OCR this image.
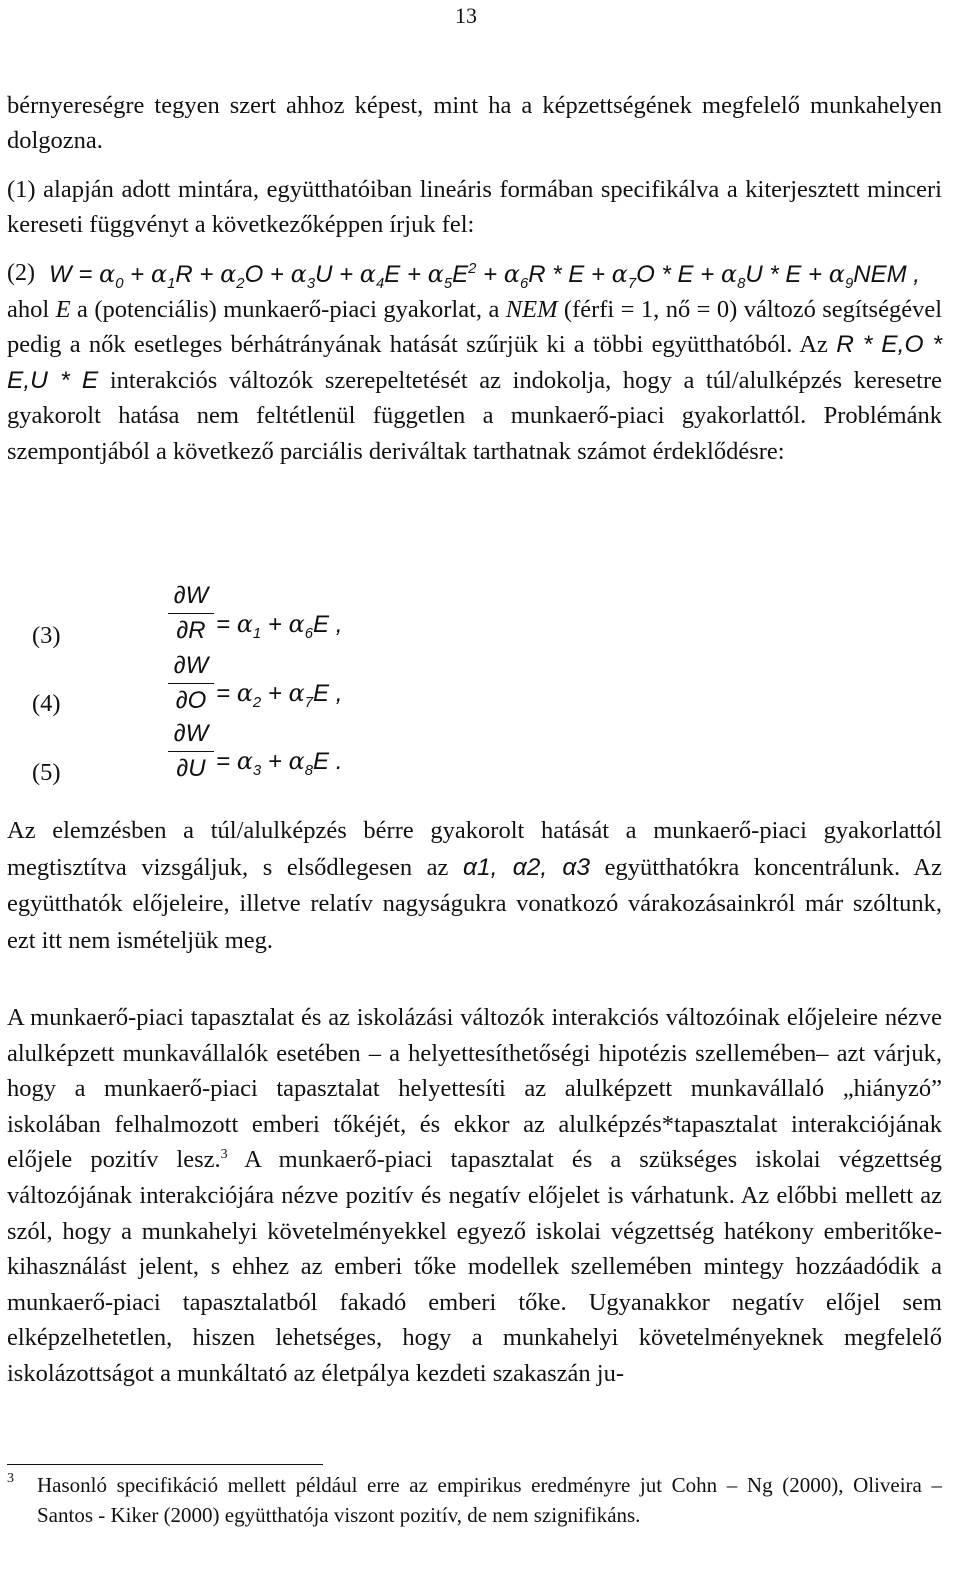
13
bérnyereségre tegyen szert ahhoz képest, mint ha a képzettségének megfelelő munkahelyen dolgozna.
(1) alapján adott mintára, együtthatóiban lineáris formában specifikálva a kiterjesztett minceri kereseti függvényt a következőképpen írjuk fel:
(2) $W = \alpha_0 + \alpha_1R + \alpha_2O + \alpha_3U + \alpha_4E + \alpha_5E^2 + \alpha_6R * E + \alpha_7O * E + \alpha_8U * E + \alpha_9NEM$ ,
ahol E a (potenciális) munkaerő-piaci gyakorlat, a NEM (férfi = 1, nő = 0) változó segítségével pedig a nők esetleges bérhátrányának hatását szűrjük ki a többi együtthatóból. Az R * E,O * E,U * E interakciós változók szerepeltetését az indokolja, hogy a túl/alulképzés keresetre gyakorolt hatása nem feltétlenül független a munkaerő-piaci gyakorlattól. Problémánk szempontjából a következő parciális deriváltak tarthatnak számot érdeklődésre:
(3)
∂W
$\partial R = \alpha_1 + \alpha_6E$ ,
(4)
∂W
$\partial O = \alpha_2 + \alpha_7E$ ,
(5)
∂W
$\partial U = \alpha_3 + \alpha_8E$ .
Az elemzésben a túl/alulképzés bérre gyakorolt hatását a munkaerő-piaci gyakorlattól megtisztítva vizsgáljuk, s elsődlegesen az α1, α2, α3 együtthatókra koncentrálunk. Az együtthatók előjeleire, illetve relatív nagyságukra vonatkozó várakozásainkról már szóltunk, ezt itt nem ismételjük meg.
A munkaerő-piaci tapasztalat és az iskolázási változók interakciós változóinak előjeleire nézve alulképzett munkavállalók esetében – a helyettesíthetőségi hipotézis szellemében– azt várjuk, hogy a munkaerő-piaci tapasztalat helyettesíti az alulképzett munkavállaló „hiányzó” iskolában felhalmozott emberi tőkéjét, és ekkor az alulképzés*tapasztalat interakciójának előjele pozitív lesz.$^3$ A munkaerő-piaci tapasztalat és a szükséges iskolai végzettség változójának interakciójára nézve pozitív és negatív előjelet is várhatunk. Az előbbi mellett az szól, hogy a munkahelyi követelményekkel egyező iskolai végzettség hatékony emberitőke-kihasználást jelent, s ehhez az emberi tőke modellek szellemében mintegy hozzáadódik a munkaerő-piaci tapasztalatból fakadó emberi tőke. Ugyanakkor negatív előjel sem elképzelhetetlen, hiszen lehetséges, hogy a munkahelyi követelményeknek megfelelő iskolázottságot a munkáltató az életpálya kezdeti szakaszán ju-
3	Hasonló specifikáció mellett például erre az empirikus eredményre jut Cohn – Ng (2000), Oliveira – Santos - Kiker (2000) együtthatója viszont pozitív, de nem szignifikáns.
